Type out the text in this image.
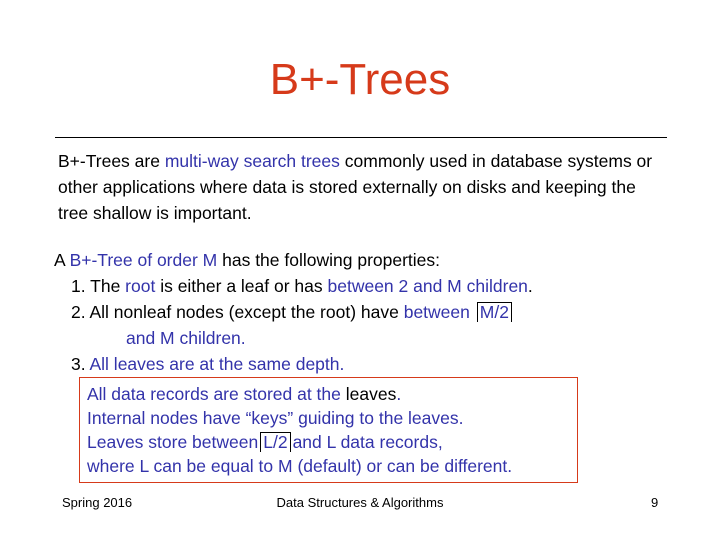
B+-Trees
B+-Trees are multi-way search trees commonly used in database systems or other applications where data is stored externally on disks and keeping the tree shallow is important.
A B+-Tree of order M has the following properties:
1. The root is either a leaf or has between 2 and M children.
2. All nonleaf nodes (except the root) have between M/2
and M children.
3. All leaves are at the same depth.
All data records are stored at the leaves.
Internal nodes have “keys” guiding to the leaves.
Leaves store between L/2 and L data records,
where L can be equal to M (default) or can be different.
Spring 2016	Data Structures & Algorithms	9
